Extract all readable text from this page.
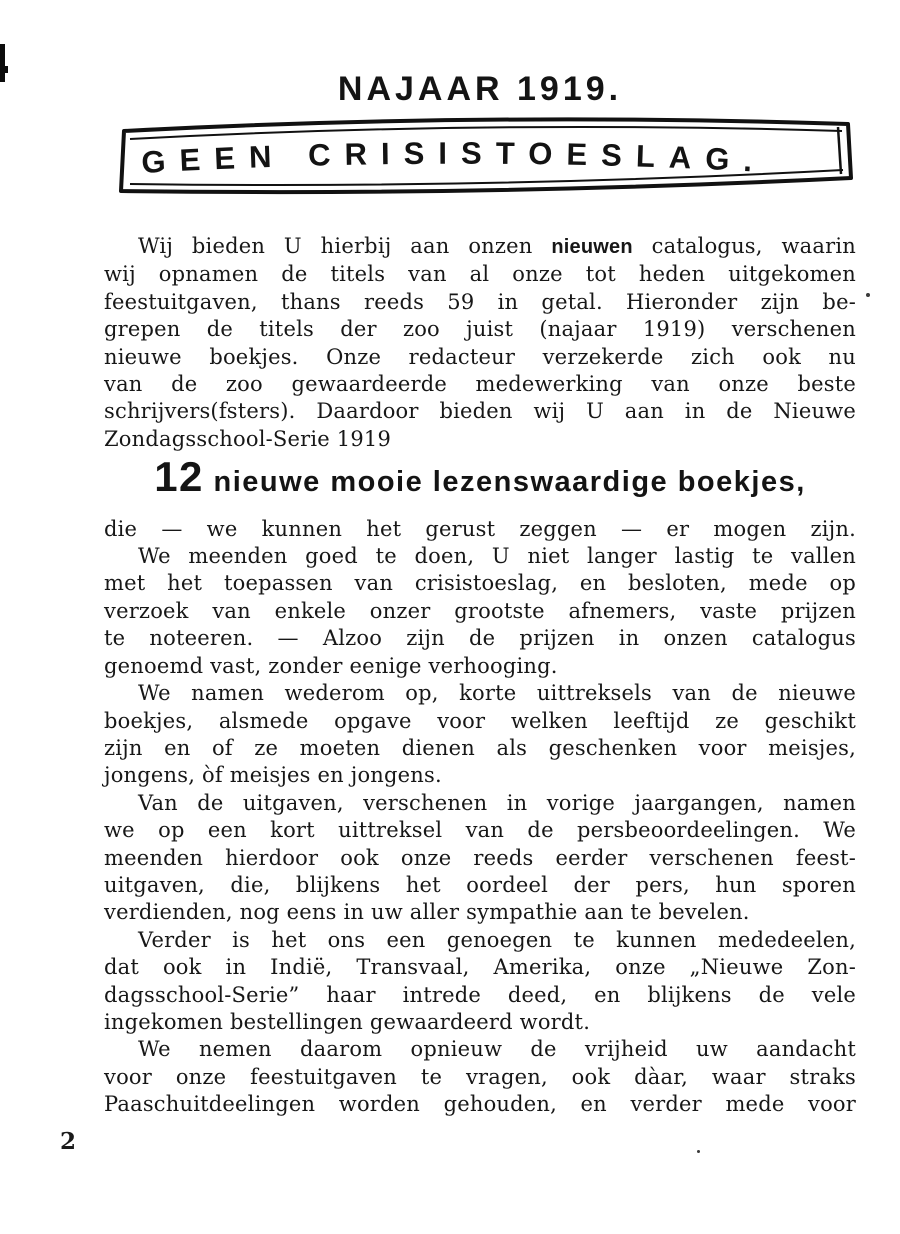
NAJAAR 1919.
GEEN CRISISTOESLAG.
Wij bieden U hierbij aan onzen nieuwen catalogus, waarin
wij opnamen de titels van al onze tot heden uitgekomen
feestuitgaven, thans reeds 59 in getal. Hieronder zijn be-
grepen de titels der zoo juist (najaar 1919) verschenen
nieuwe boekjes. Onze redacteur verzekerde zich ook nu
van de zoo gewaardeerde medewerking van onze beste
schrijvers(fsters). Daardoor bieden wij U aan in de Nieuwe
Zondagsschool-Serie 1919
12 nieuwe mooie lezenswaardige boekjes,
die — we kunnen het gerust zeggen — er mogen zijn.
We meenden goed te doen, U niet langer lastig te vallen
met het toepassen van crisistoeslag, en besloten, mede op
verzoek van enkele onzer grootste afnemers, vaste prijzen
te noteeren. — Alzoo zijn de prijzen in onzen catalogus
genoemd vast, zonder eenige verhooging.
We namen wederom op, korte uittreksels van de nieuwe
boekjes, alsmede opgave voor welken leeftijd ze geschikt
zijn en of ze moeten dienen als geschenken voor meisjes,
jongens, òf meisjes en jongens.
Van de uitgaven, verschenen in vorige jaargangen, namen
we op een kort uittreksel van de persbeoordeelingen. We
meenden hierdoor ook onze reeds eerder verschenen feest-
uitgaven, die, blijkens het oordeel der pers, hun sporen
verdienden, nog eens in uw aller sympathie aan te bevelen.
Verder is het ons een genoegen te kunnen mededeelen,
dat ook in Indië, Transvaal, Amerika, onze „Nieuwe Zon-
dagsschool-Serie” haar intrede deed, en blijkens de vele
ingekomen bestellingen gewaardeerd wordt.
We nemen daarom opnieuw de vrijheid uw aandacht
voor onze feestuitgaven te vragen, ook dàar, waar straks
Paaschuitdeelingen worden gehouden, en verder mede voor
2
